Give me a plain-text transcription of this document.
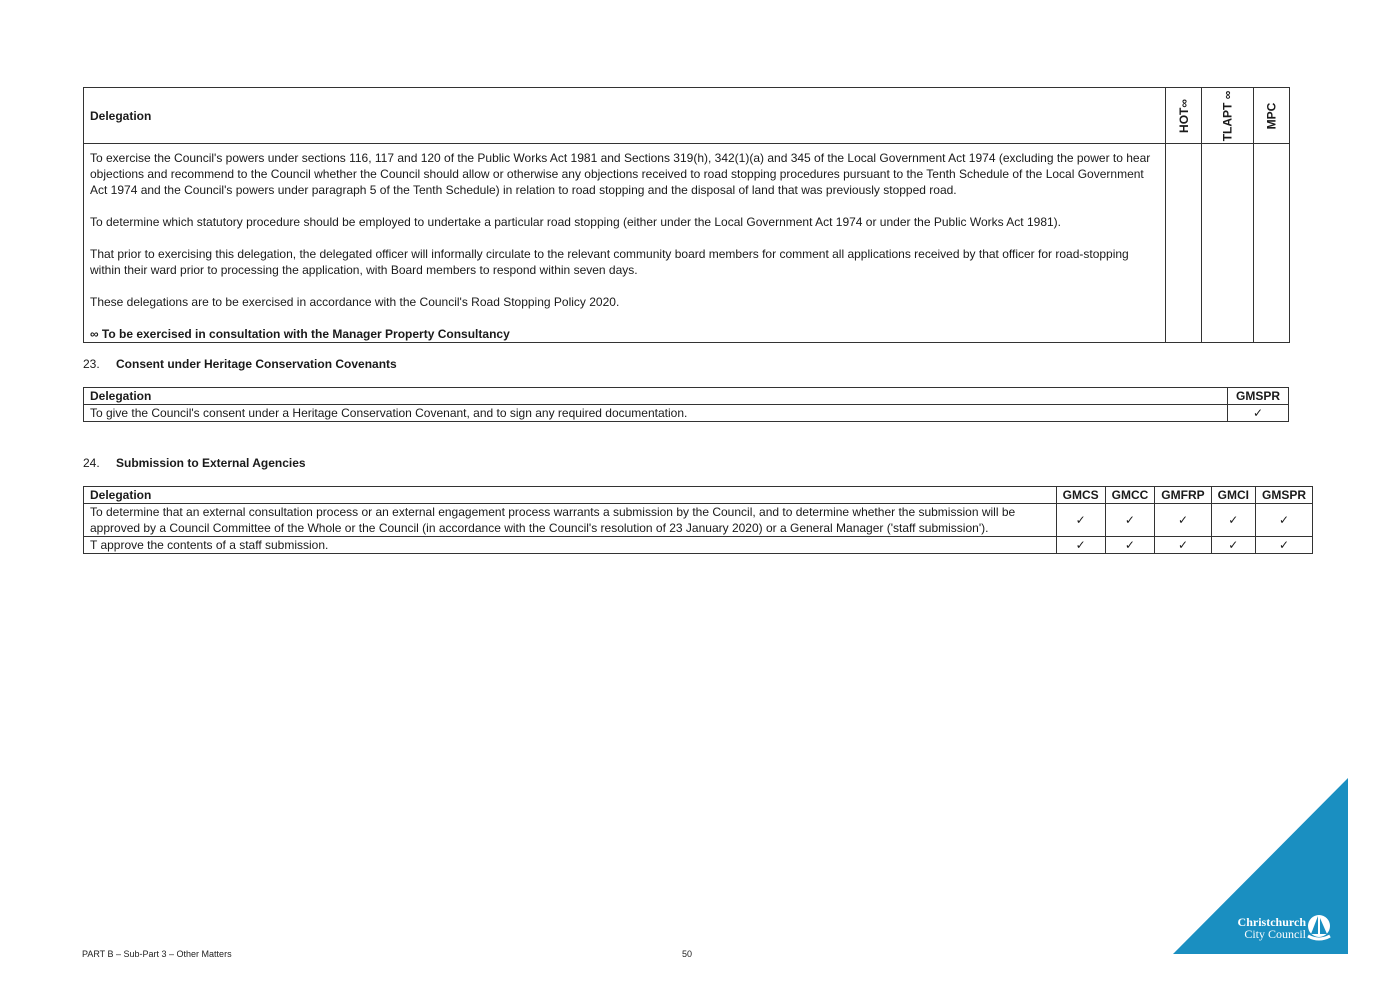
Delegation	HOT∞	TLAPT ∞	MPC

To exercise the Council's powers under sections 116, 117 and 120 of the Public Works Act 1981 and Sections 319(h), 342(1)(a) and 345 of the Local Government Act 1974 (excluding the power to hear objections and recommend to the Council whether the Council should allow or otherwise any objections received to road stopping procedures pursuant to the Tenth Schedule of the Local Government Act 1974 and the Council's powers under paragraph 5 of the Tenth Schedule) in relation to road stopping and the disposal of land that was previously stopped road.

To determine which statutory procedure should be employed to undertake a particular road stopping (either under the Local Government Act 1974 or under the Public Works Act 1981).

That prior to exercising this delegation, the delegated officer will informally circulate to the relevant community board members for comment all applications received by that officer for road-stopping within their ward prior to processing the application, with Board members to respond within seven days.

These delegations are to be exercised in accordance with the Council's Road Stopping Policy 2020.

∞ To be exercised in consultation with the Manager Property Consultancy			

23. Consent under Heritage Conservation Covenants
Delegation	GMSPR
To give the Council's consent under a Heritage Conservation Covenant, and to sign any required documentation.	✓
24. Submission to External Agencies
Delegation	GMCS	GMCC	GMFRP	GMCI	GMSPR
To determine that an external consultation process or an external engagement process warrants a submission by the Council, and to determine whether the submission will be approved by a Council Committee of the Whole or the Council (in accordance with the Council's resolution of 23 January 2020) or a General Manager ('staff submission').	✓	✓	✓	✓	✓
T approve the contents of a staff submission.	✓	✓	✓	✓	✓
PART B – Sub-Part 3 – Other Matters	50
Christchurch
City Council
